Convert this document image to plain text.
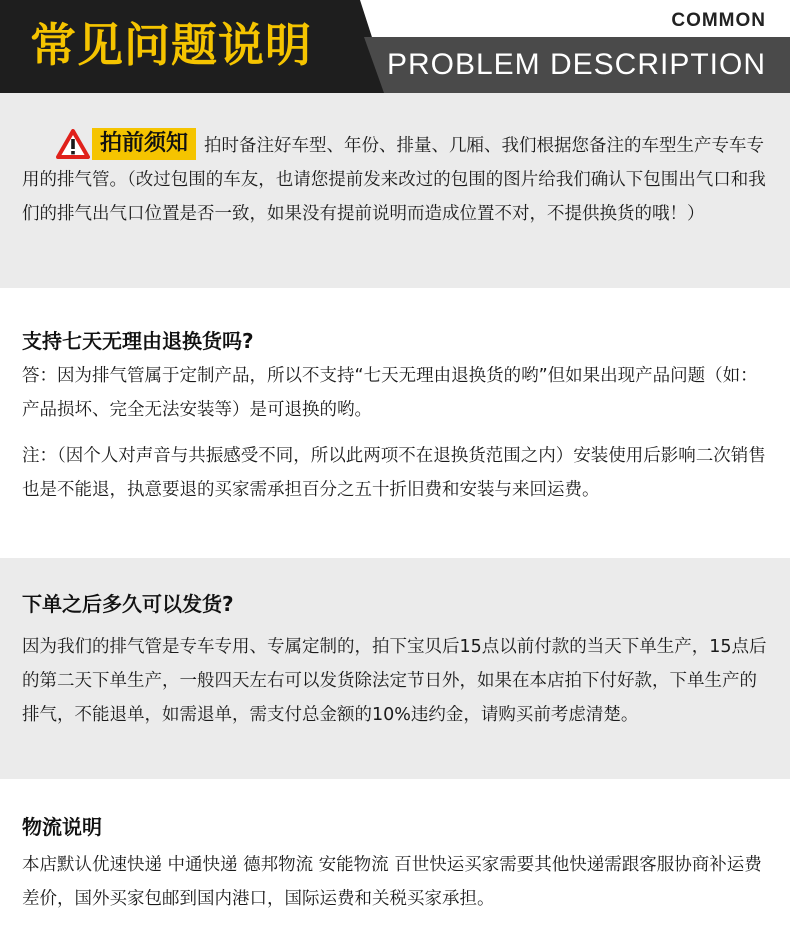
常见问题说明	COMMON
PROBLEM DESCRIPTION
拍前须知 拍时备注好车型、年份、排量、几厢、我们根据您备注的车型生产专车专用的排气管。（改过包围的车友，也请您提前发来改过的包围的图片给我们确认下包围出气口和我们的排气出气口位置是否一致，如果没有提前说明而造成位置不对，不提供换货的哦！）
支持七天无理由退换货吗?
答：因为排气管属于定制产品，所以不支持“七天无理由退换货的哟”但如果出现产品问题（如：产品损坏、完全无法安装等）是可退换的哟。
注：（因个人对声音与共振感受不同，所以此两项不在退换货范围之内）安装使用后影响二次销售也是不能退，执意要退的买家需承担百分之五十折旧费和安装与来回运费。
下单之后多久可以发货?
因为我们的排气管是专车专用、专属定制的，拍下宝贝后15点以前付款的当天下单生产，15点后的第二天下单生产，一般四天左右可以发货除法定节日外，如果在本店拍下付好款，下单生产的排气，不能退单，如需退单，需支付总金额的10%违约金，请购买前考虑清楚。
物流说明
本店默认优速快递 中通快递 德邦物流 安能物流 百世快运买家需要其他快递需跟客服协商补运费差价，国外买家包邮到国内港口，国际运费和关税买家承担。
